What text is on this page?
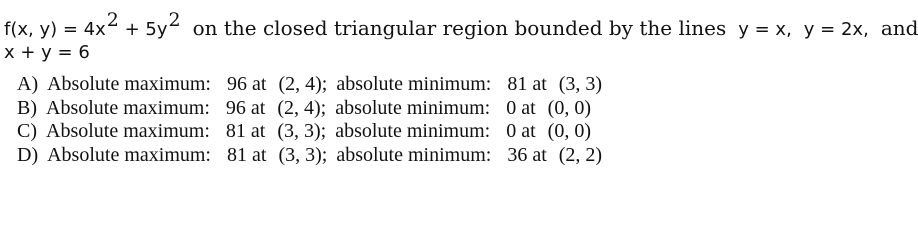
f(x, y) = 4x2 + 5y2 on the closed triangular region bounded by the lines y = x, y = 2x, and
x + y = 6
A) Absolute maximum: 96 at (2, 4); absolute minimum: 81 at (3, 3)
B) Absolute maximum: 96 at (2, 4); absolute minimum: 0 at (0, 0)
C) Absolute maximum: 81 at (3, 3); absolute minimum: 0 at (0, 0)
D) Absolute maximum: 81 at (3, 3); absolute minimum: 36 at (2, 2)
